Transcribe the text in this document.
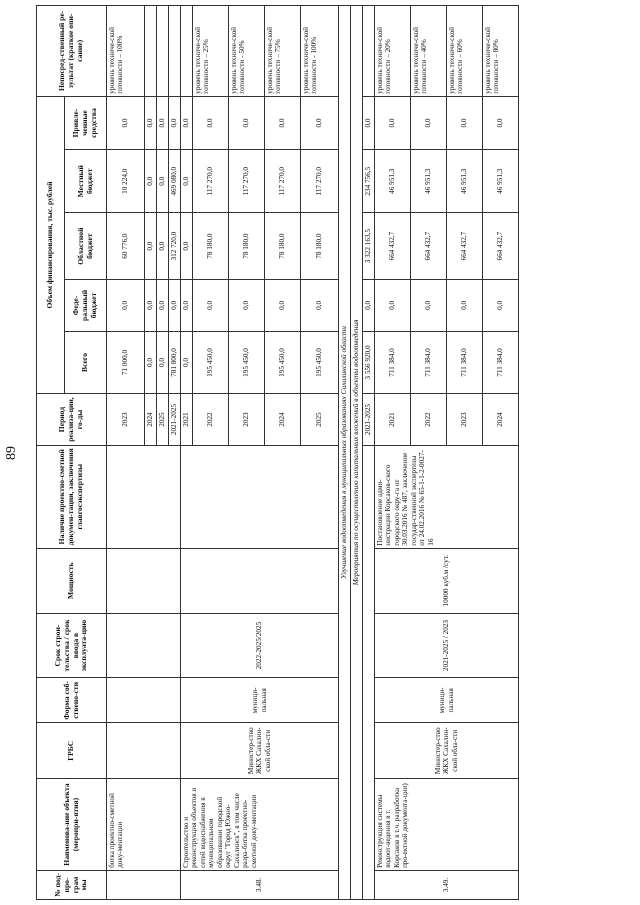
89
№ под-про-грам мы	Наименова-ние объекта (меропри-ятия)	ГРБС	Форма соб-ствено-сти	Срок строи-тельства / срок ввода в эксплуата-цию	Мощность	Наличие проектно-сметной докумен-тации, заключения главгосэкспертизы	Период реализа-ции, го-ды	Объем финансирования, тыс. рублей					Непосред-ственный ре-зультат (краткое опи-сание)
								Всего	Феде-ральный бюджет	Областной бюджет	Местный бюджет	Привле-ченные средства	
	ботка проектно-сметной доку-ментации						2023	71 000,0	0,0	60 776,0	10 224,0	0,0	уровень техниче-ской готовности – 100%
							2024	0,0	0,0	0,0	0,0	0,0	
							2025	0,0	0,0	0,0	0,0	0,0	
							2021-2025	781 800,0	0,0	312 720,0	469 080,0	0,0	
3.48.	Строительство и реконструкция объектов и сетей водоснабжения в муниципальном образовании городской округ "Город Южно-Сахалинск", в том числе разра-ботка проектно-сметной доку-ментации	Министер-ство ЖКХ Сахалин-ской обла-сти	муници-пальная	2022-2025/2025			2021	0,0	0,0	0,0	0,0	0,0	
							2022	195 450,0	0,0	78 180,0	117 270,0	0,0	уровень техниче-ской готовности – 25%
							2023	195 450,0	0,0	78 180,0	117 270,0	0,0	уровень техниче-ской готовности - 50%
							2024	195 450,0	0,0	78 180,0	117 270,0	0,0	уровень техниче-ской готовности – 75%
							2025	195 450,0	0,0	78 180,0	117 270,0	0,0	уровень техниче-ской готовности - 100%
Улучшение водоотведения в муниципальных образованиях Сахалинской области													
Мероприятия по осуществлению капитальных вложений в объекты водоотведения													
							2021-2025	3 556 920,0	0,0	3 322 163,5	234 756,5	0,0	
3.49.	Реконструкция системы водоот-ведения в г. Корсаков в т.ч. разработка про-ектной документа-ции)	Министер-ство ЖКХ Сахалин-ской обла-сти	муници-пальная	2021-2025 / 2023	10000 куб.м /сут.	Постановление адми-нистрации Корсаков-ского городского окру-га от 30.03.2016 № 487, заключение государ-ственной экспертизы от 24.02.2016 № 65-1-1-2-0027-16	2021	711 384,0	0,0	664 432,7	46 951,3	0,0	уровень техниче-ской готовности – 20%
							2022	711 384,0	0,0	664 432,7	46 951,3	0,0	уровень техниче-ской готовности – 40%
							2023	711 384,0	0,0	664 432,7	46 951,3	0,0	уровень техниче-ской готовности – 60%
							2024	711 384,0	0,0	664 432,7	46 951,3	0,0	уровень техниче-ской готовности – 80%
